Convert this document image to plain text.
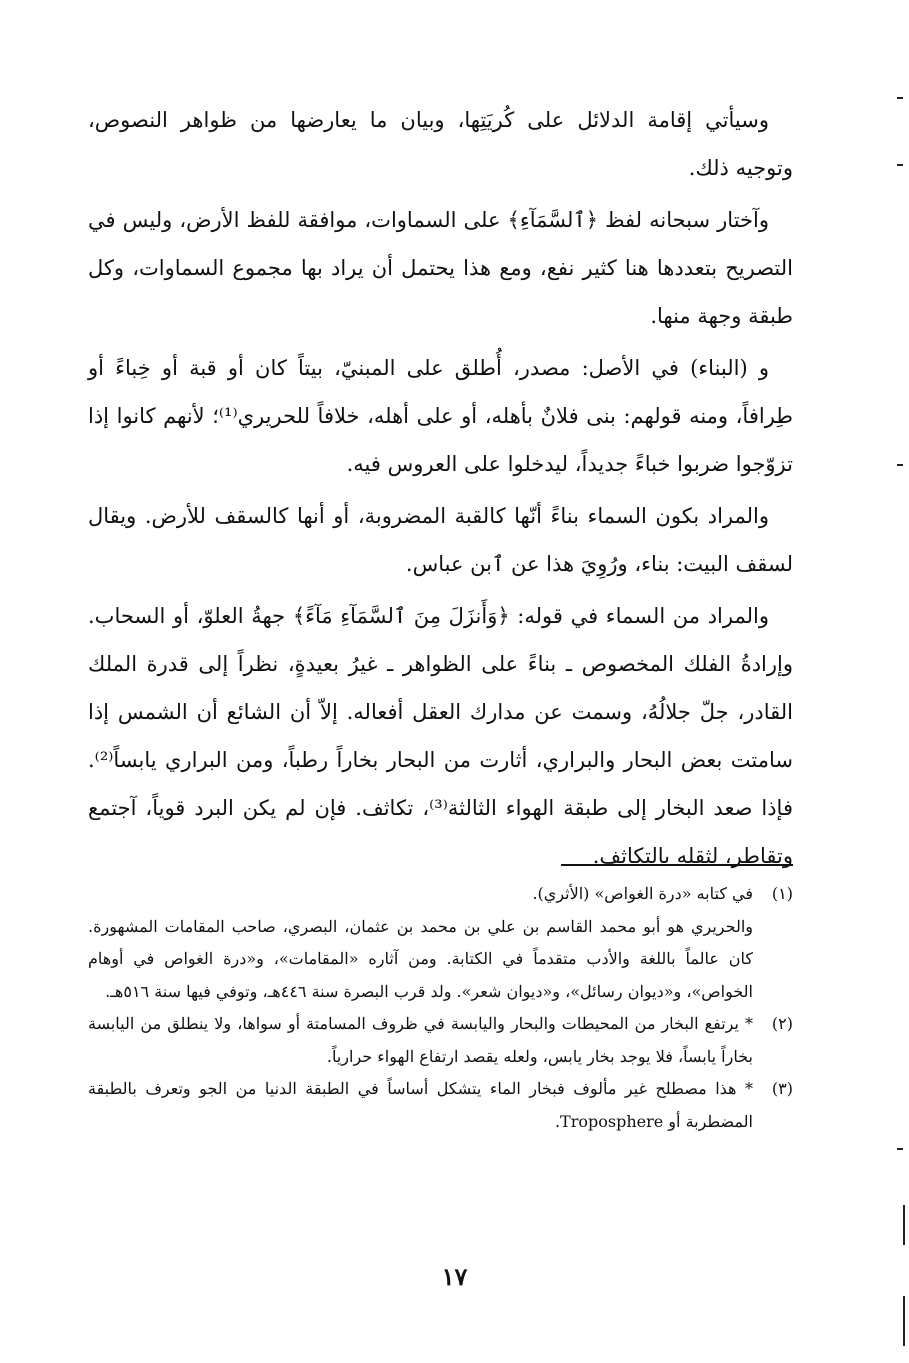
وسيأتي إقامة الدلائل على كُريَتِها، وبيان ما يعارضها من ظواهر النصوص، وتوجيه ذلك.

وآختار سبحانه لفظ ﴿ٱلسَّمَآءِ﴾ على السماوات، موافقة للفظ الأرض، وليس في التصريح بتعددها هنا كثير نفع، ومع هذا يحتمل أن يراد بها مجموع السماوات، وكل طبقة وجهة منها.

و (البناء) في الأصل: مصدر، أُطلق على المبنيّ، بيتاً كان أو قبة أو خِباءً أو طِرافاً، ومنه قولهم: بنى فلانٌ بأهله، أو على أهله، خلافاً للحريري⁽¹⁾؛ لأنهم كانوا إذا تزوّجوا ضربوا خباءً جديداً، ليدخلوا على العروس فيه.

والمراد بكون السماء بناءً أنّها كالقبة المضروبة، أو أنها كالسقف للأرض. ويقال لسقف البيت: بناء، ورُوِيَ هذا عن ٱبن عباس.

والمراد من السماء في قوله: ﴿وَأَنزَلَ مِنَ ٱلسَّمَآءِ مَآءً﴾ جهةُ العلوّ، أو السحاب. وإرادةُ الفلك المخصوص ـ بناءً على الظواهر ـ غيرُ بعيدةٍ، نظراً إلى قدرة الملك القادر، جلّ جلالُهُ، وسمت عن مدارك العقل أفعاله. إلاّ أن الشائع أن الشمس إذا سامتت بعض البحار والبراري، أثارت من البحار بخاراً رطباً، ومن البراري يابساً⁽²⁾. فإذا صعد البخار إلى طبقة الهواء الثالثة⁽³⁾، تكاثف. فإن لم يكن البرد قوياً، آجتمع وتقاطر، لثقله بالتكاثف.

(١)
في كتابه «درة الغواص» (الأثري).
والحريري هو أبو محمد القاسم بن علي بن محمد بن عثمان، البصري، صاحب المقامات المشهورة. كان عالماً باللغة والأدب متقدماً في الكتابة. ومن آثاره «المقامات»، و«درة الغواص في أوهام الخواص»، و«ديوان رسائل»، و«ديوان شعر». ولد قرب البصرة سنة ٤٤٦هـ، وتوفي فيها سنة ٥١٦هـ.
(٢)
* يرتفع البخار من المحيطات والبحار واليابسة في ظروف المسامتة أو سواها، ولا ينطلق من اليابسة بخاراً يابساً، فلا يوجد بخار يابس، ولعله يقصد ارتفاع الهواء حرارياً.
(٣)
* هذا مصطلح غير مألوف فبخار الماء يتشكل أساساً في الطبقة الدنيا من الجو وتعرف بالطبقة المضطربة أو Troposphere.
١٧
